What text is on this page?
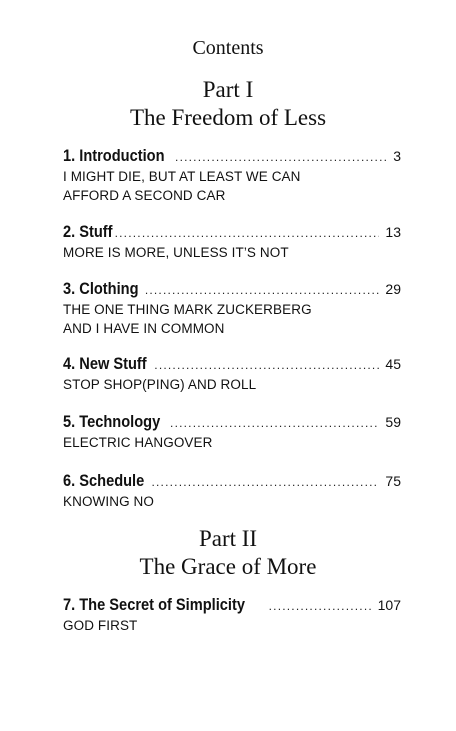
Contents
Part I
The Freedom of Less
1. Introduction .....	3
I MIGHT DIE, BUT AT LEAST WE CAN
AFFORD A SECOND CAR
2. Stuff .....	13
MORE IS MORE, UNLESS IT’S NOT
3. Clothing .....	29
THE ONE THING MARK ZUCKERBERG
AND I HAVE IN COMMON
4. New Stuff .....	45
STOP SHOP(PING) AND ROLL
5. Technology .....	59
ELECTRIC HANGOVER
6. Schedule .....	75
KNOWING NO
Part II
The Grace of More
7. The Secret of Simplicity .....	107
GOD FIRST
